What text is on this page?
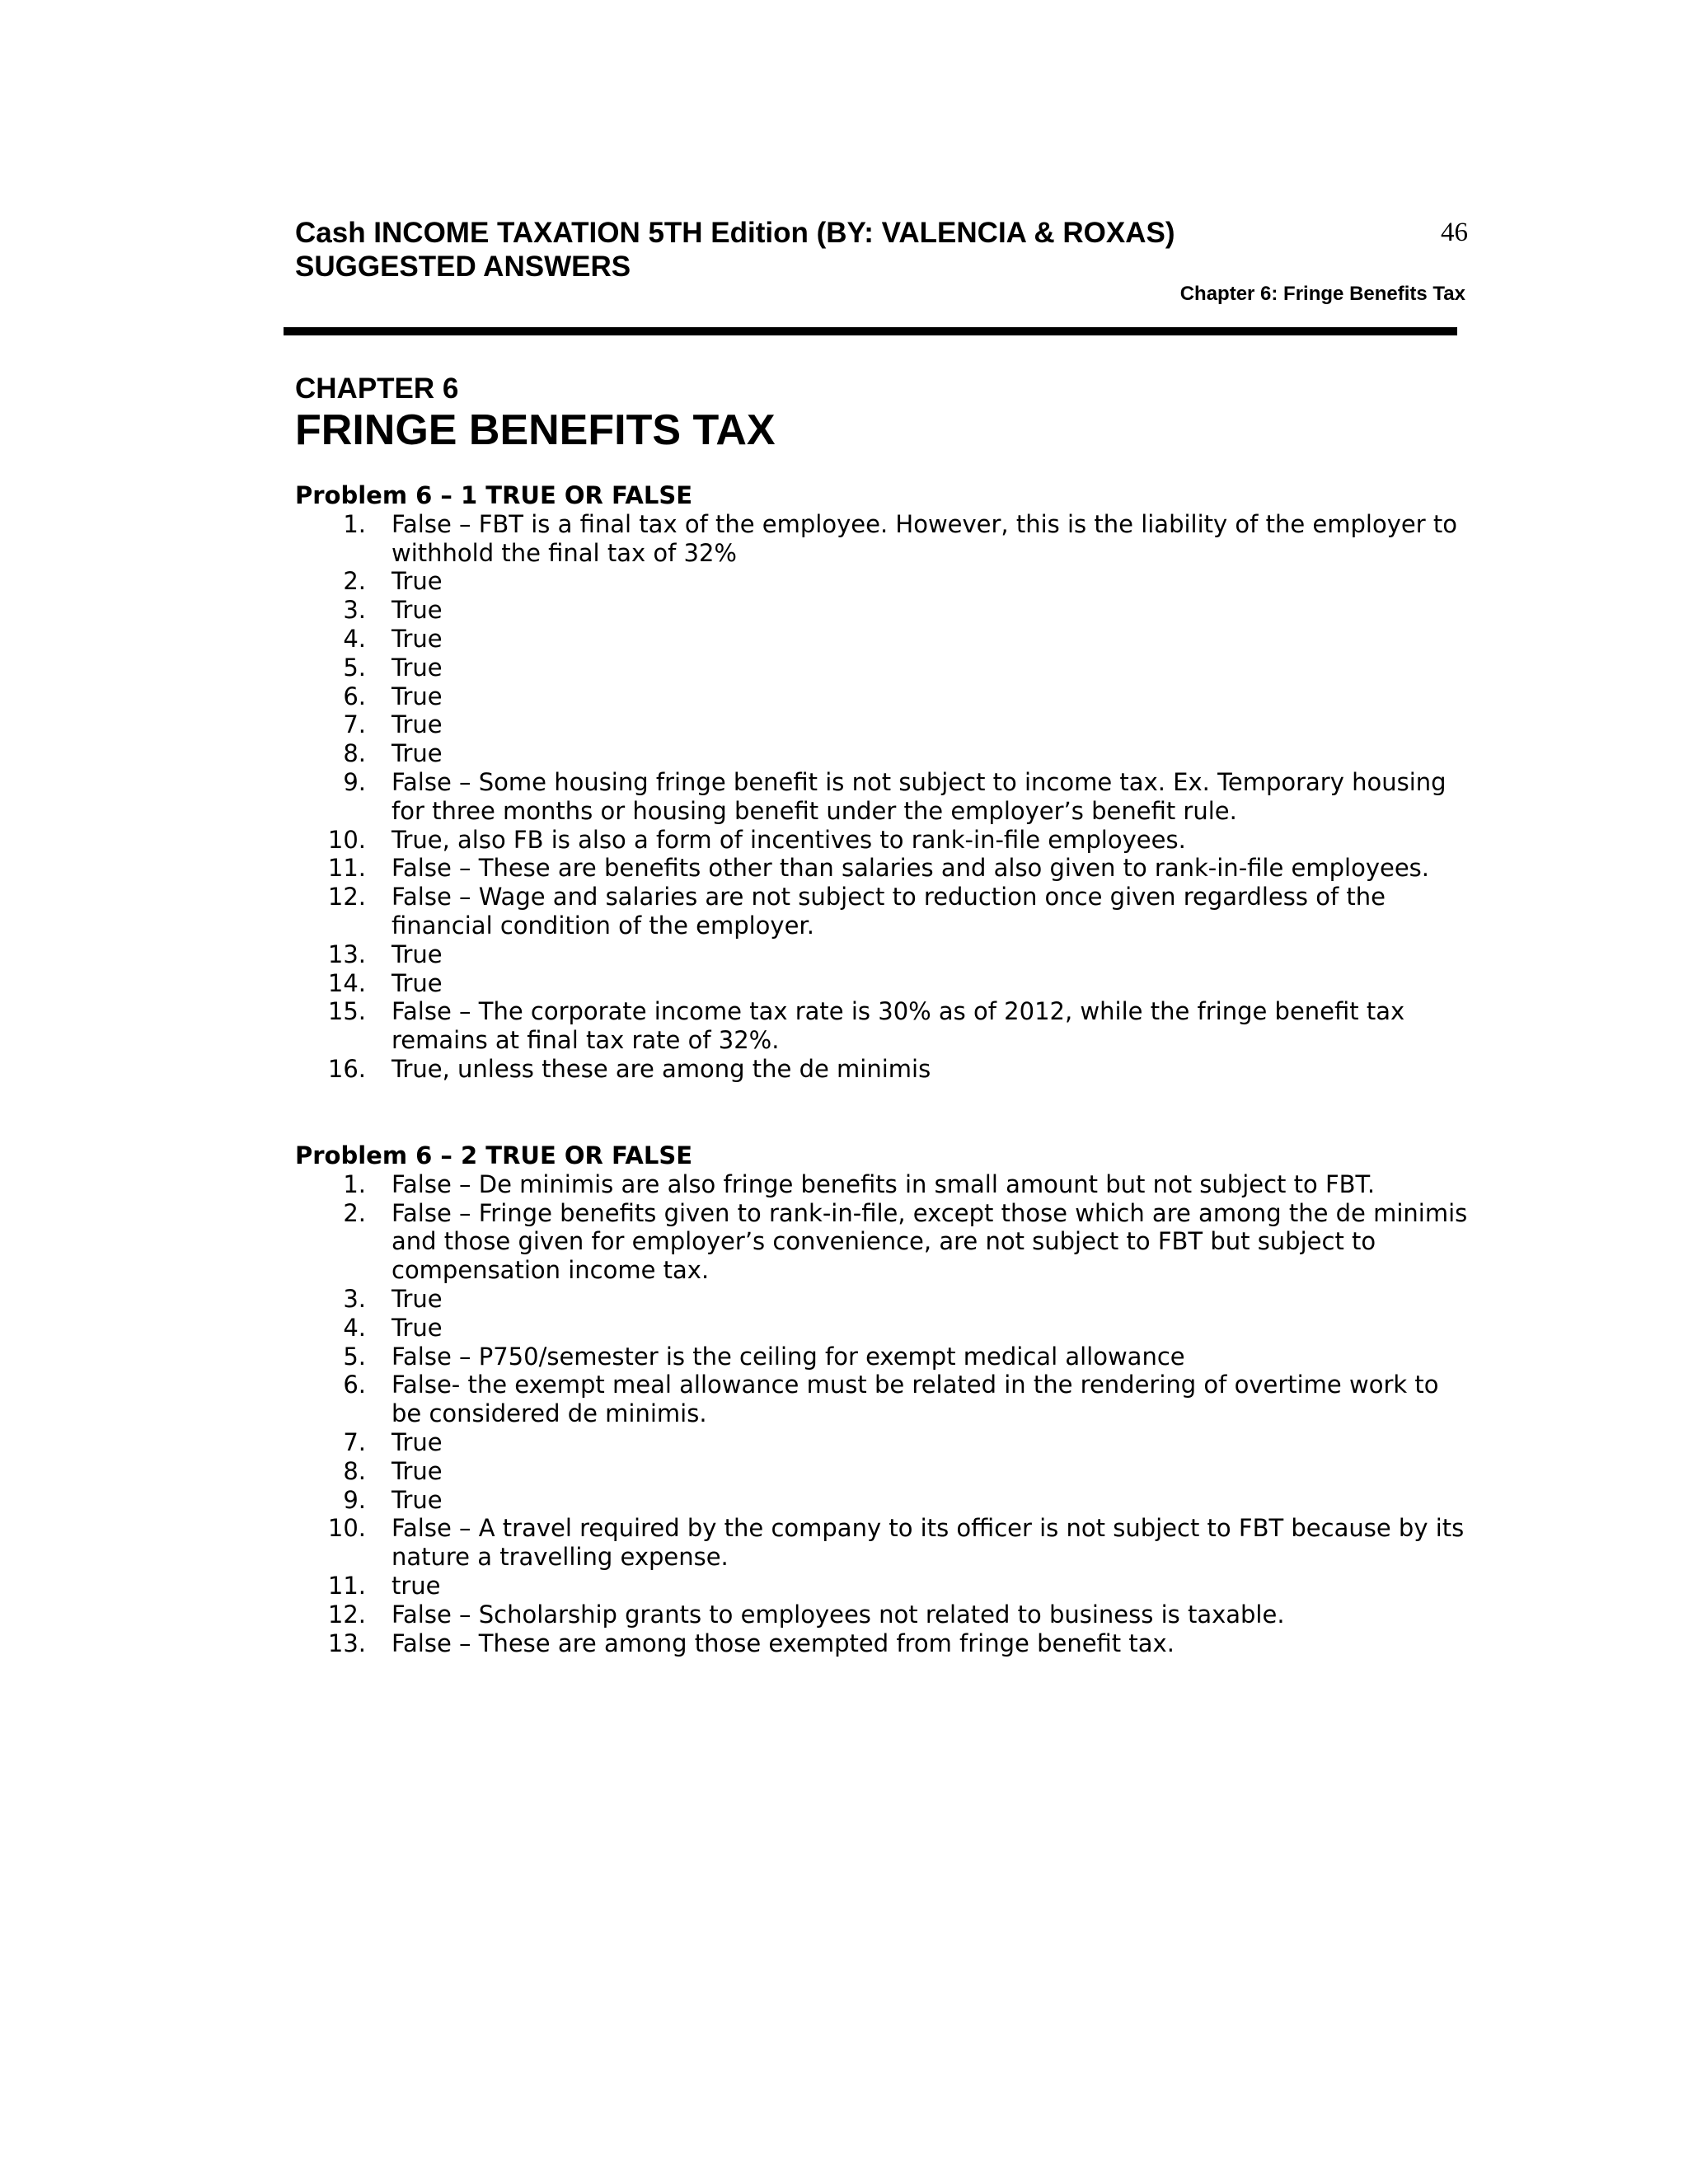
Cash INCOME TAXATION 5TH Edition (BY: VALENCIA & ROXAS)
SUGGESTED ANSWERS
46
Chapter 6: Fringe Benefits Tax
CHAPTER 6
FRINGE BENEFITS TAX
Problem 6 – 1 TRUE OR FALSE
1. False – FBT is a final tax of the employee. However, this is the liability of the employer to withhold the final tax of 32%
2. True
3. True
4. True
5. True
6. True
7. True
8. True
9. False – Some housing fringe benefit is not subject to income tax. Ex. Temporary housing for three months or housing benefit under the employer’s benefit rule.
10. True, also FB is also a form of incentives to rank-in-file employees.
11. False – These are benefits other than salaries and also given to rank-in-file employees.
12. False – Wage and salaries are not subject to reduction once given regardless of the financial condition of the employer.
13. True
14. True
15. False – The corporate income tax rate is 30% as of 2012, while the fringe benefit tax remains at final tax rate of 32%.
16. True, unless these are among the de minimis
Problem 6 – 2 TRUE OR FALSE
1. False – De minimis are also fringe benefits in small amount but not subject to FBT.
2. False – Fringe benefits given to rank-in-file, except those which are among the de minimis and those given for employer’s convenience, are not subject to FBT but subject to compensation income tax.
3. True
4. True
5. False – P750/semester is the ceiling for exempt medical allowance
6. False- the exempt meal allowance must be related in the rendering of overtime work to be considered de minimis.
7. True
8. True
9. True
10. False – A travel required by the company to its officer is not subject to FBT because by its nature a travelling expense.
11. true
12. False – Scholarship grants to employees not related to business is taxable.
13. False – These are among those exempted from fringe benefit tax.
